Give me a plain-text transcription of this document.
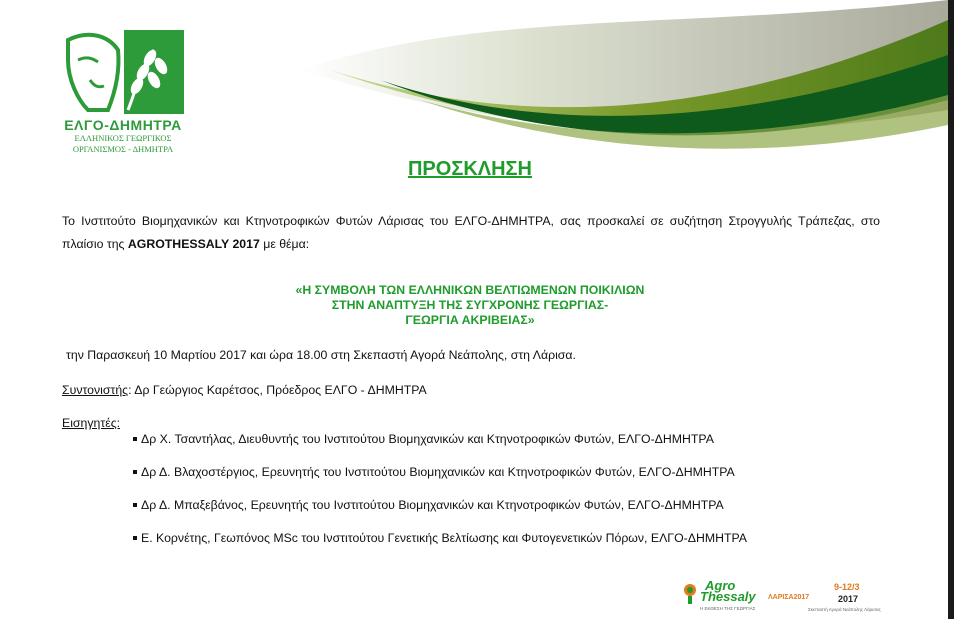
ΕΛΓΟ-ΔΗΜΗΤΡΑ
ΕΛΛΗΝΙΚΟΣ ΓΕΩΡΓΙΚΟΣ
ΟΡΓΑΝΙΣΜΟΣ - ΔΗΜΗΤΡΑ
ΠΡΟΣΚΛΗΣΗ
Το Ινστιτούτο Βιομηχανικών και Κτηνοτροφικών Φυτών Λάρισας του ΕΛΓΟ-ΔΗΜΗΤΡΑ, σας προσκαλεί σε συζήτηση Στρογγυλής Τράπεζας, στο πλαίσιο της AGROTHESSALY 2017 με θέμα:
«Η ΣΥΜΒΟΛΗ ΤΩΝ ΕΛΛΗΝΙΚΩΝ ΒΕΛΤΙΩΜΕΝΩΝ ΠΟΙΚΙΛΙΩΝ
ΣΤΗΝ ΑΝΑΠΤΥΞΗ ΤΗΣ ΣΥΓΧΡΟΝΗΣ ΓΕΩΡΓΙΑΣ-
ΓΕΩΡΓΙΑ ΑΚΡΙΒΕΙΑΣ»
την Παρασκευή 10 Μαρτίου 2017 και ώρα 18.00 στη Σκεπαστή Αγορά Νεάπολης, στη Λάρισα.
Συντονιστής: Δρ Γεώργιος Καρέτσος, Πρόεδρος ΕΛΓΟ - ΔΗΜΗΤΡΑ
Εισηγητές:
Δρ Χ. Τσαντήλας, Διευθυντής του Ινστιτούτου Βιομηχανικών και Κτηνοτροφικών Φυτών, ΕΛΓΟ-ΔΗΜΗΤΡΑ
Δρ Δ. Βλαχοστέργιος, Ερευνητής του Ινστιτούτου Βιομηχανικών και Κτηνοτροφικών Φυτών, ΕΛΓΟ-ΔΗΜΗΤΡΑ
Δρ Δ. Μπαξεβάνος, Ερευνητής του Ινστιτούτου Βιομηχανικών και Κτηνοτροφικών Φυτών, ΕΛΓΟ-ΔΗΜΗΤΡΑ
Ε. Κορνέτης, Γεωπόνος MSc του Ινστιτούτου Γενετικής Βελτίωσης και Φυτογενετικών Πόρων, ΕΛΓΟ-ΔΗΜΗΤΡΑ
Agro
Thessaly ΛΑΡΙΣΑ2017
Η ΕΚΘΕΣΗ ΤΗΣ ΓΕΩΡΓΙΑΣ
9-12/3
2017
Σκεπαστή Αγορά Νεάπολης Λάρισας
